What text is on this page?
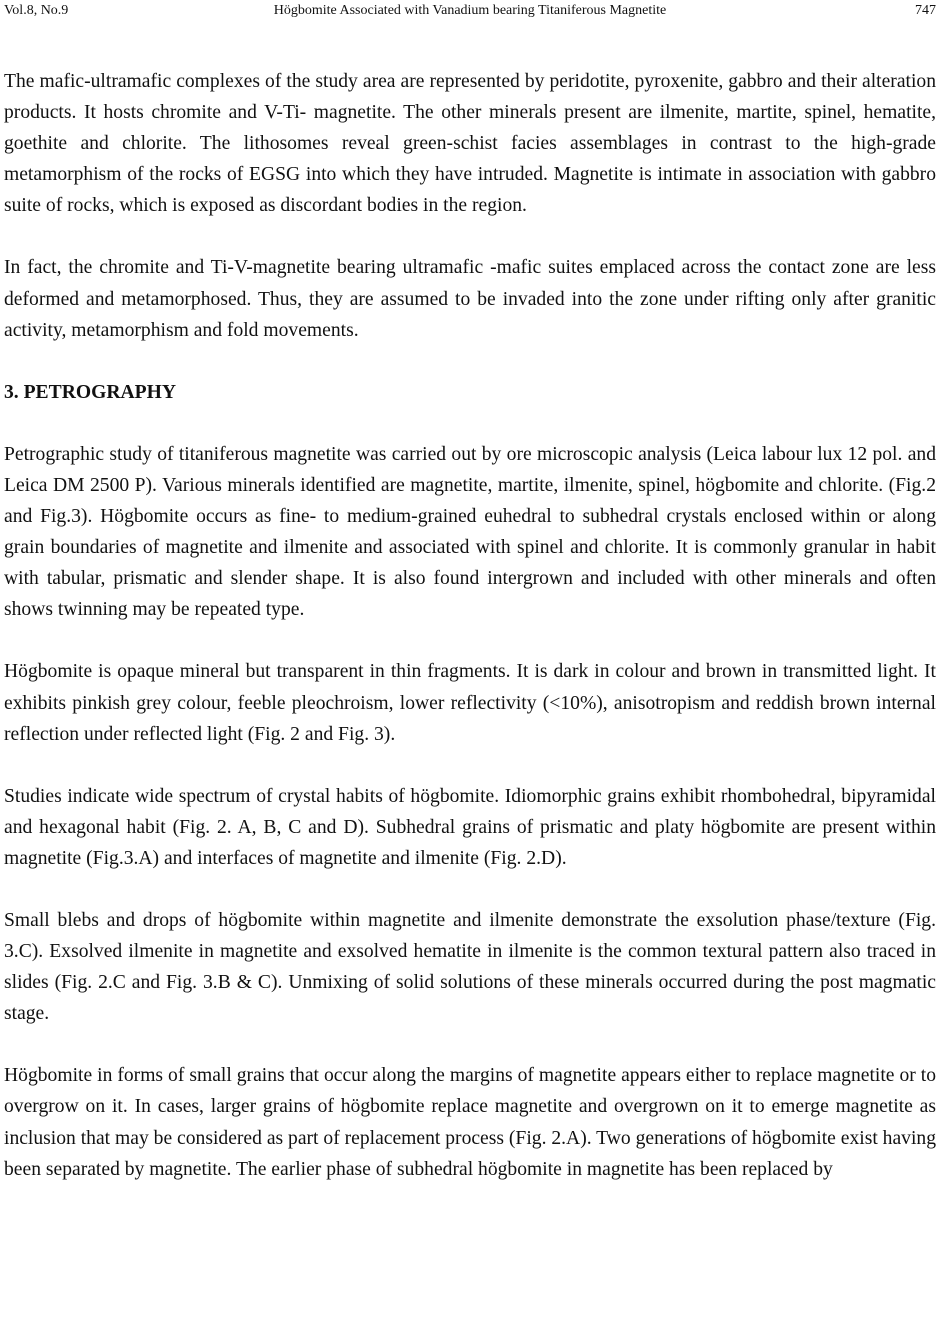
Vol.8, No.9	Högbomite Associated with Vanadium bearing Titaniferous Magnetite	747

The mafic-ultramafic complexes of the study area are represented by peridotite, pyroxenite, gabbro and their alteration products. It hosts chromite and V-Ti- magnetite. The other minerals present are ilmenite, martite, spinel, hematite, goethite and chlorite. The lithosomes reveal green-schist facies assemblages in contrast to the high-grade metamorphism of the rocks of EGSG into which they have intruded. Magnetite is intimate in association with gabbro suite of rocks, which is exposed as discordant bodies in the region.

In fact, the chromite and Ti-V-magnetite bearing ultramafic -mafic suites emplaced across the contact zone are less deformed and metamorphosed. Thus, they are assumed to be invaded into the zone under rifting only after granitic activity, metamorphism and fold movements.

3. PETROGRAPHY

Petrographic study of titaniferous magnetite was carried out by ore microscopic analysis (Leica labour lux 12 pol. and Leica DM 2500 P). Various minerals identified are magnetite, martite, ilmenite, spinel, högbomite and chlorite. (Fig.2 and Fig.3). Högbomite occurs as fine- to medium-grained euhedral to subhedral crystals enclosed within or along grain boundaries of magnetite and ilmenite and associated with spinel and chlorite. It is commonly granular in habit with tabular, prismatic and slender shape. It is also found intergrown and included with other minerals and often shows twinning may be repeated type.

Högbomite is opaque mineral but transparent in thin fragments. It is dark in colour and brown in transmitted light. It exhibits pinkish grey colour, feeble pleochroism, lower reflectivity (<10%), anisotropism and reddish brown internal reflection under reflected light (Fig. 2 and Fig. 3).

Studies indicate wide spectrum of crystal habits of högbomite. Idiomorphic grains exhibit rhombohedral, bipyramidal and hexagonal habit (Fig. 2. A, B, C and D). Subhedral grains of prismatic and platy högbomite are present within magnetite (Fig.3.A) and interfaces of magnetite and ilmenite (Fig. 2.D).

Small blebs and drops of högbomite within magnetite and ilmenite demonstrate the exsolution phase/texture (Fig. 3.C). Exsolved ilmenite in magnetite and exsolved hematite in ilmenite is the common textural pattern also traced in slides (Fig. 2.C and Fig. 3.B & C). Unmixing of solid solutions of these minerals occurred during the post magmatic stage.

Högbomite in forms of small grains that occur along the margins of magnetite appears either to replace magnetite or to overgrow on it. In cases, larger grains of högbomite replace magnetite and overgrown on it to emerge magnetite as inclusion that may be considered as part of replacement process (Fig. 2.A). Two generations of högbomite exist having been separated by magnetite. The earlier phase of subhedral högbomite in magnetite has been replaced by
